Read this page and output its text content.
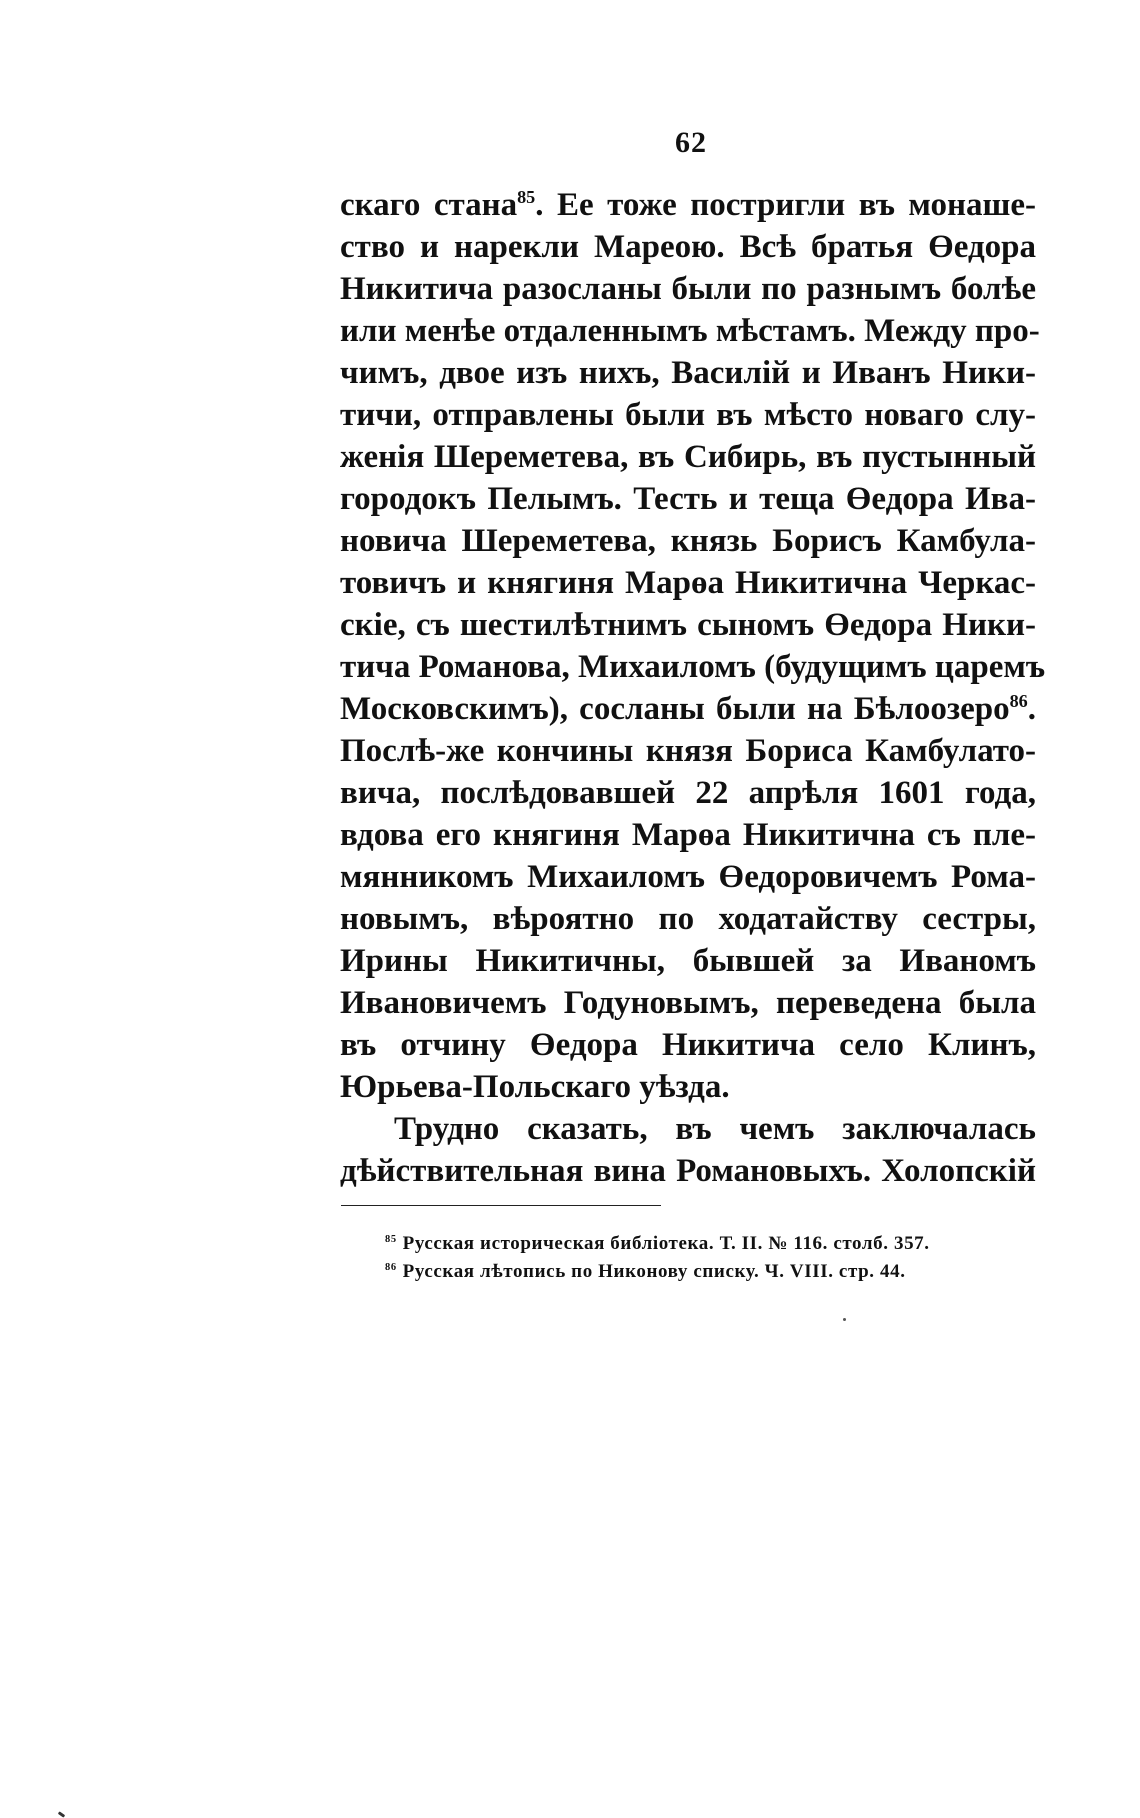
62
скаго стана$^{85}$. Ее тоже постригли въ монаше-
ство и нарекли Мареою. Всѣ братья Өедора
Никитича разосланы были по разнымъ болѣе
или менѣе отдаленнымъ мѣстамъ. Между про-
чимъ, двое изъ нихъ, Василій и Иванъ Ники-
тичи, отправлены были въ мѣсто новаго слу-
женія Шереметева, въ Сибирь, въ пустынный
городокъ Пелымъ. Тесть и теща Өедора Ива-
новича Шереметева, князь Борисъ Камбула-
товичъ и княгиня Марөа Никитична Черкас-
скіе, съ шестилѣтнимъ сыномъ Өедора Ники-
тича Романова, Михаиломъ (будущимъ царемъ
Московскимъ), сосланы были на Бѣлоозеро$^{86}$.
Послѣ-же кончины князя Бориса Камбулато-
вича, послѣдовавшей 22 апрѣля 1601 года,
вдова его княгиня Марөа Никитична съ пле-
мянникомъ Михаиломъ Өедоровичемъ Рома-
новымъ, вѣроятно по ходатайству сестры,
Ирины Никитичны, бывшей за Иваномъ
Ивановичемъ Годуновымъ, переведена была
въ отчину Өедора Никитича село Клинъ,
Юрьева-Польскаго уѣзда.
Трудно сказать, въ чемъ заключалась
дѣйствительная вина Романовыхъ. Холопскій
$^{85}$ Русская историческая библіотека. Т. II. № 116. столб. 357.
$^{86}$ Русская лѣтопись по Никонову списку. Ч. VIII. стр. 44.
